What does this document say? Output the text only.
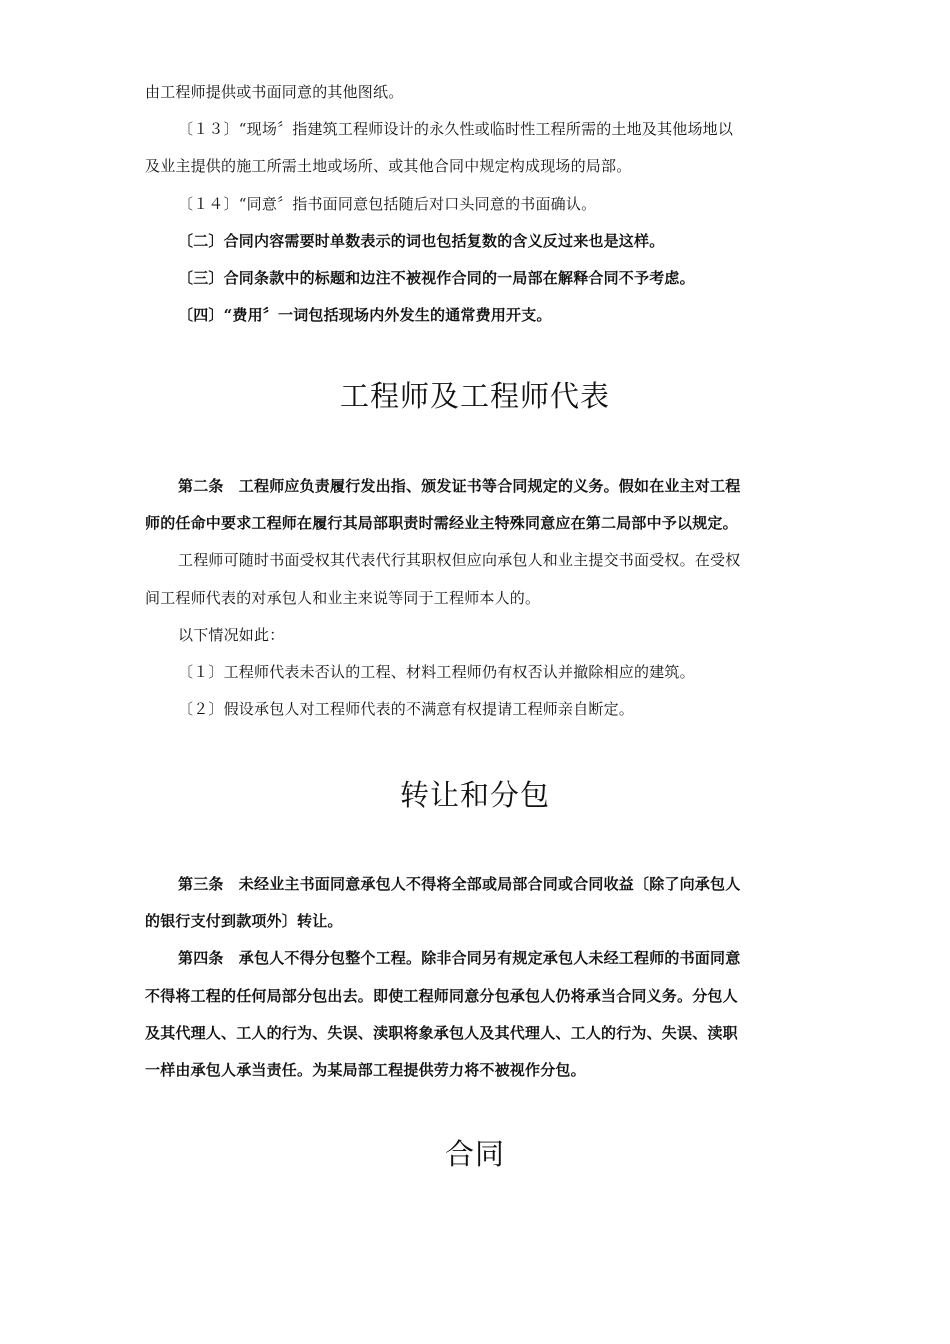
由工程师提供或书面同意的其他图纸。
〔１３〕“现场〞指建筑工程师设计的永久性或临时性工程所需的土地及其他场地以
及业主提供的施工所需土地或场所、或其他合同中规定构成现场的局部。
〔１４〕“同意〞指书面同意包括随后对口头同意的书面确认。
〔二〕合同内容需要时单数表示的词也包括复数的含义反过来也是这样。
〔三〕合同条款中的标题和边注不被视作合同的一局部在解释合同不予考虑。
〔四〕“费用〞一词包括现场内外发生的通常费用开支。
工程师及工程师代表
第二条　工程师应负责履行发出指、颁发证书等合同规定的义务。假如在业主对工程
师的任命中要求工程师在履行其局部职责时需经业主特殊同意应在第二局部中予以规定。
工程师可随时书面受权其代表代行其职权但应向承包人和业主提交书面受权。在受权
间工程师代表的对承包人和业主来说等同于工程师本人的。
以下情况如此：
〔１〕工程师代表未否认的工程、材料工程师仍有权否认并撤除相应的建筑。
〔２〕假设承包人对工程师代表的不满意有权提请工程师亲自断定。
转让和分包
第三条　未经业主书面同意承包人不得将全部或局部合同或合同收益〔除了向承包人
的银行支付到款项外〕转让。
第四条　承包人不得分包整个工程。除非合同另有规定承包人未经工程师的书面同意
不得将工程的任何局部分包出去。即使工程师同意分包承包人仍将承当合同义务。分包人
及其代理人、工人的行为、失误、渎职将象承包人及其代理人、工人的行为、失误、渎职
一样由承包人承当责任。为某局部工程提供劳力将不被视作分包。
合同
